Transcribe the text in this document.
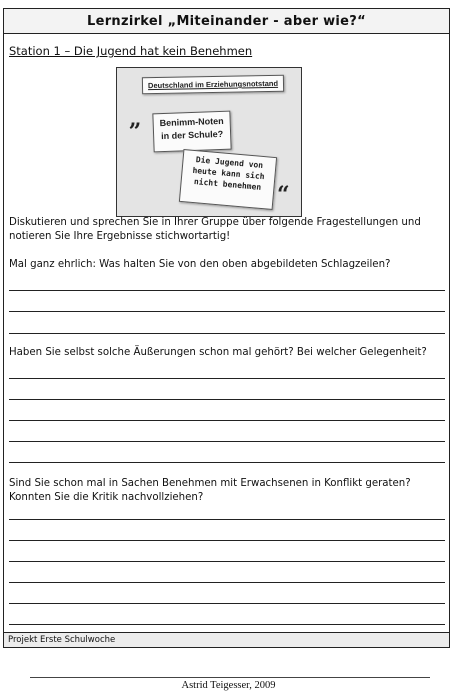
Lernzirkel „Miteinander - aber wie?“
Station 1 – Die Jugend hat kein Benehmen
Deutschland im Erziehungsnotstand
„	Benimm-Noten
in der Schule?
Die Jugend von
heute kann sich
nicht benehmen “
Diskutieren und sprechen Sie in Ihrer Gruppe über folgende Fragestellungen und notieren Sie Ihre Ergebnisse stichwortartig!
Mal ganz ehrlich: Was halten Sie von den oben abgebildeten Schlagzeilen?
Haben Sie selbst solche Äußerungen schon mal gehört? Bei welcher Gelegenheit?
Sind Sie schon mal in Sachen Benehmen mit Erwachsenen in Konflikt geraten? Konnten Sie die Kritik nachvollziehen?
Projekt Erste Schulwoche
Astrid Teigesser, 2009
